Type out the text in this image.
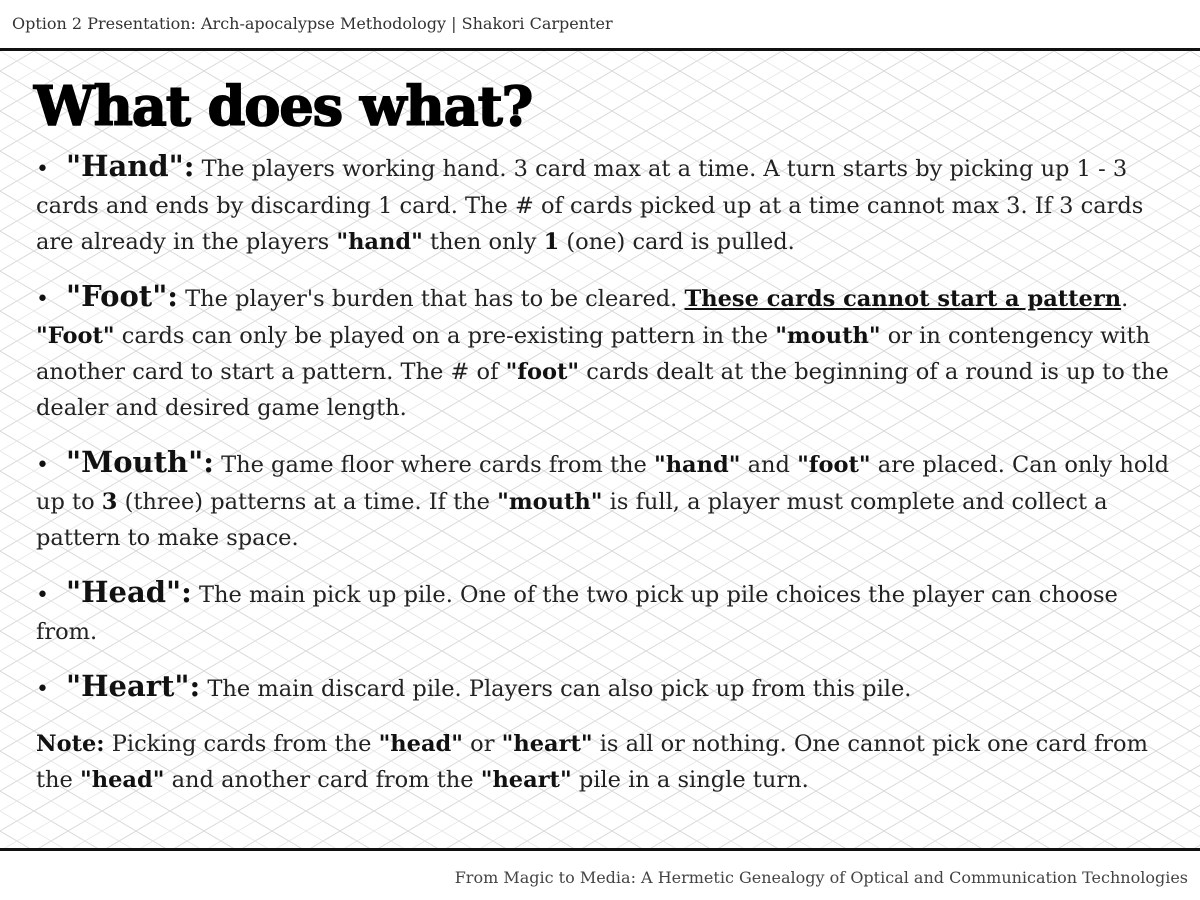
Option 2 Presentation: Arch-apocalypse Methodology | Shakori Carpenter
What does what?

• "Hand": The players working hand. 3 card max at a time. A turn starts by picking up 1 - 3 cards and ends by discarding 1 card. The # of cards picked up at a time cannot max 3. If 3 cards are already in the players "hand" then only 1 (one) card is pulled.

• "Foot": The player's burden that has to be cleared. These cards cannot start a pattern. "Foot" cards can only be played on a pre-existing pattern in the "mouth" or in contengency with another card to start a pattern. The # of "foot" cards dealt at the beginning of a round is up to the dealer and desired game length.

• "Mouth": The game floor where cards from the "hand" and "foot" are placed. Can only hold up to 3 (three) patterns at a time. If the "mouth" is full, a player must complete and collect a pattern to make space.

• "Head": The main pick up pile. One of the two pick up pile choices the player can choose from.

• "Heart": The main discard pile. Players can also pick up from this pile.

Note: Picking cards from the "head" or "heart" is all or nothing. One cannot pick one card from the "head" and another card from the "heart" pile in a single turn.

From Magic to Media: A Hermetic Genealogy of Optical and Communication Technologies
